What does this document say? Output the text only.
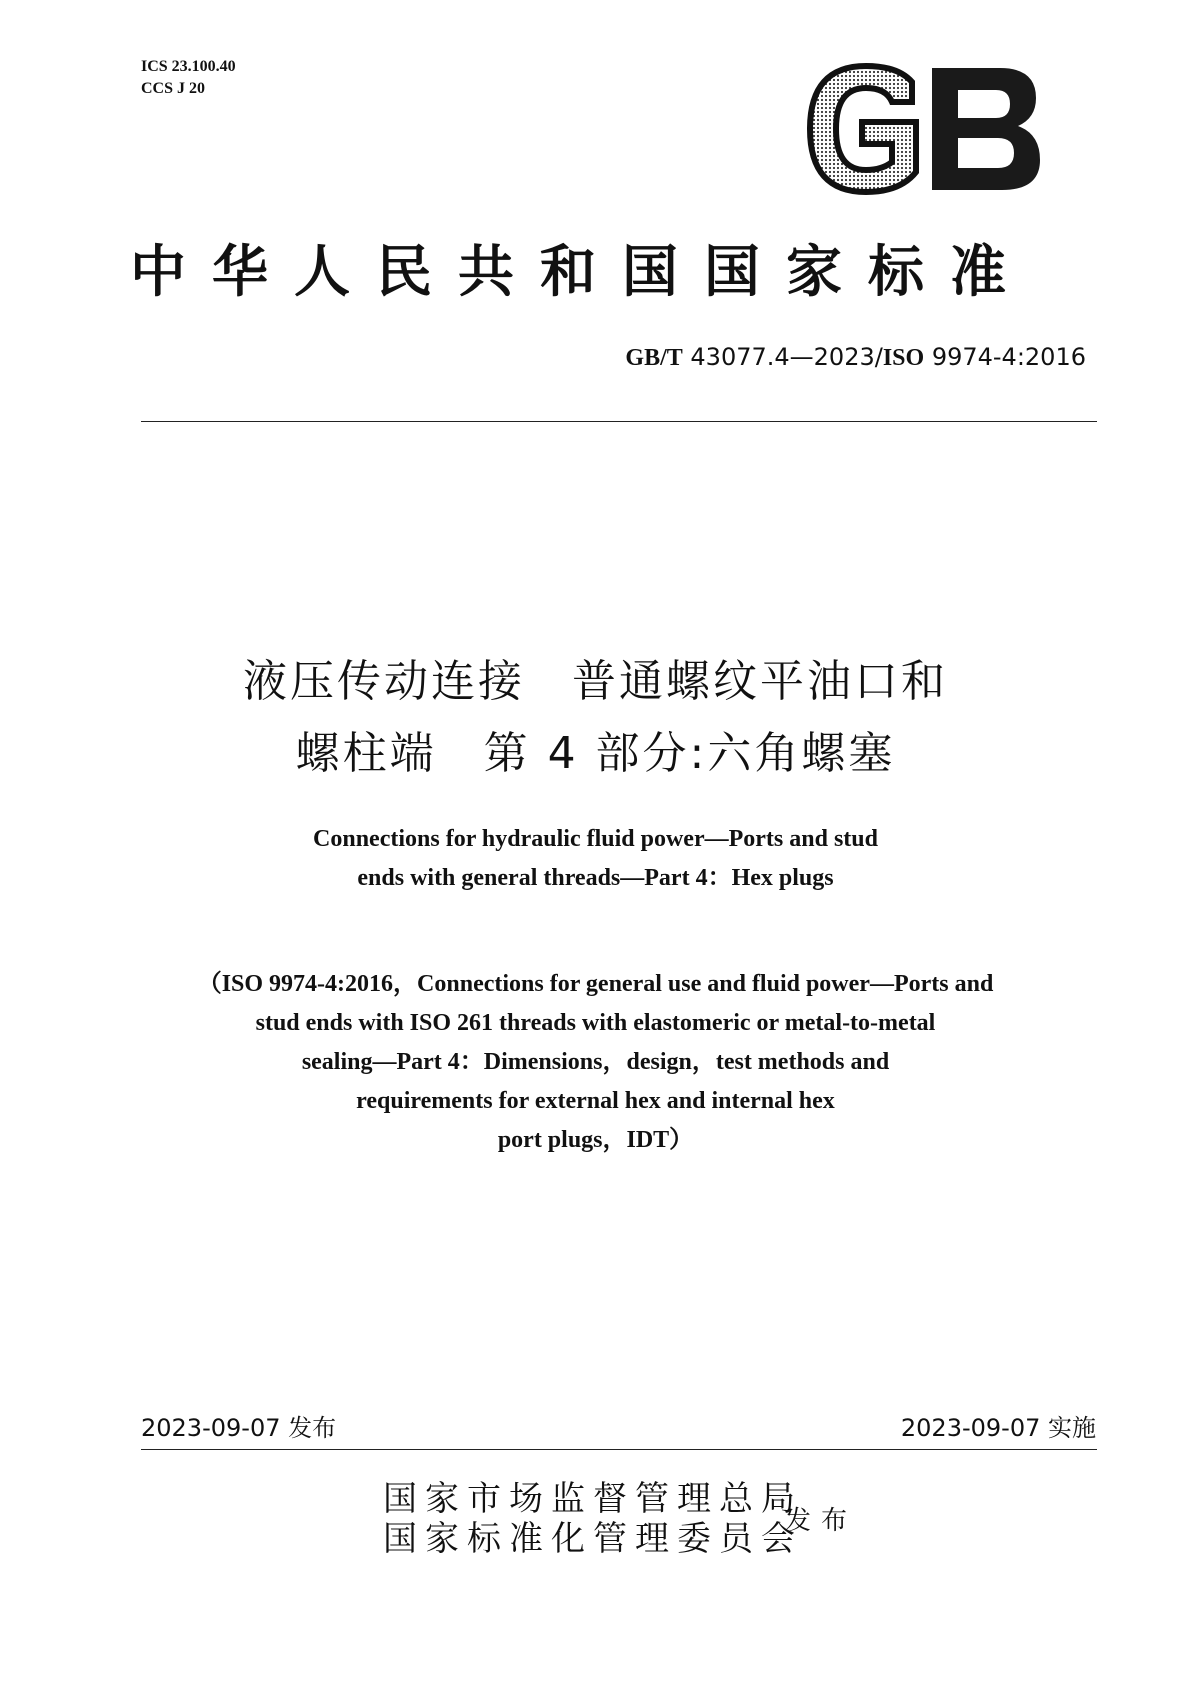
ICS 23.100.40
CCS J 20
中华人民共和国国家标准
GB/T 43077.4—2023/ISO 9974-4:2016
液压传动连接　普通螺纹平油口和
螺柱端　第 4 部分:六角螺塞
Connections for hydraulic fluid power—Ports and stud
ends with general threads—Part 4：Hex plugs
（ISO 9974-4:2016，Connections for general use and fluid power—Ports and
stud ends with ISO 261 threads with elastomeric or metal-to-metal
sealing—Part 4：Dimensions，design，test methods and
requirements for external hex and internal hex
port plugs，IDT）
2023-09-07 发布	2023-09-07 实施
国家市场监督管理总局
国家标准化管理委员会
发布
